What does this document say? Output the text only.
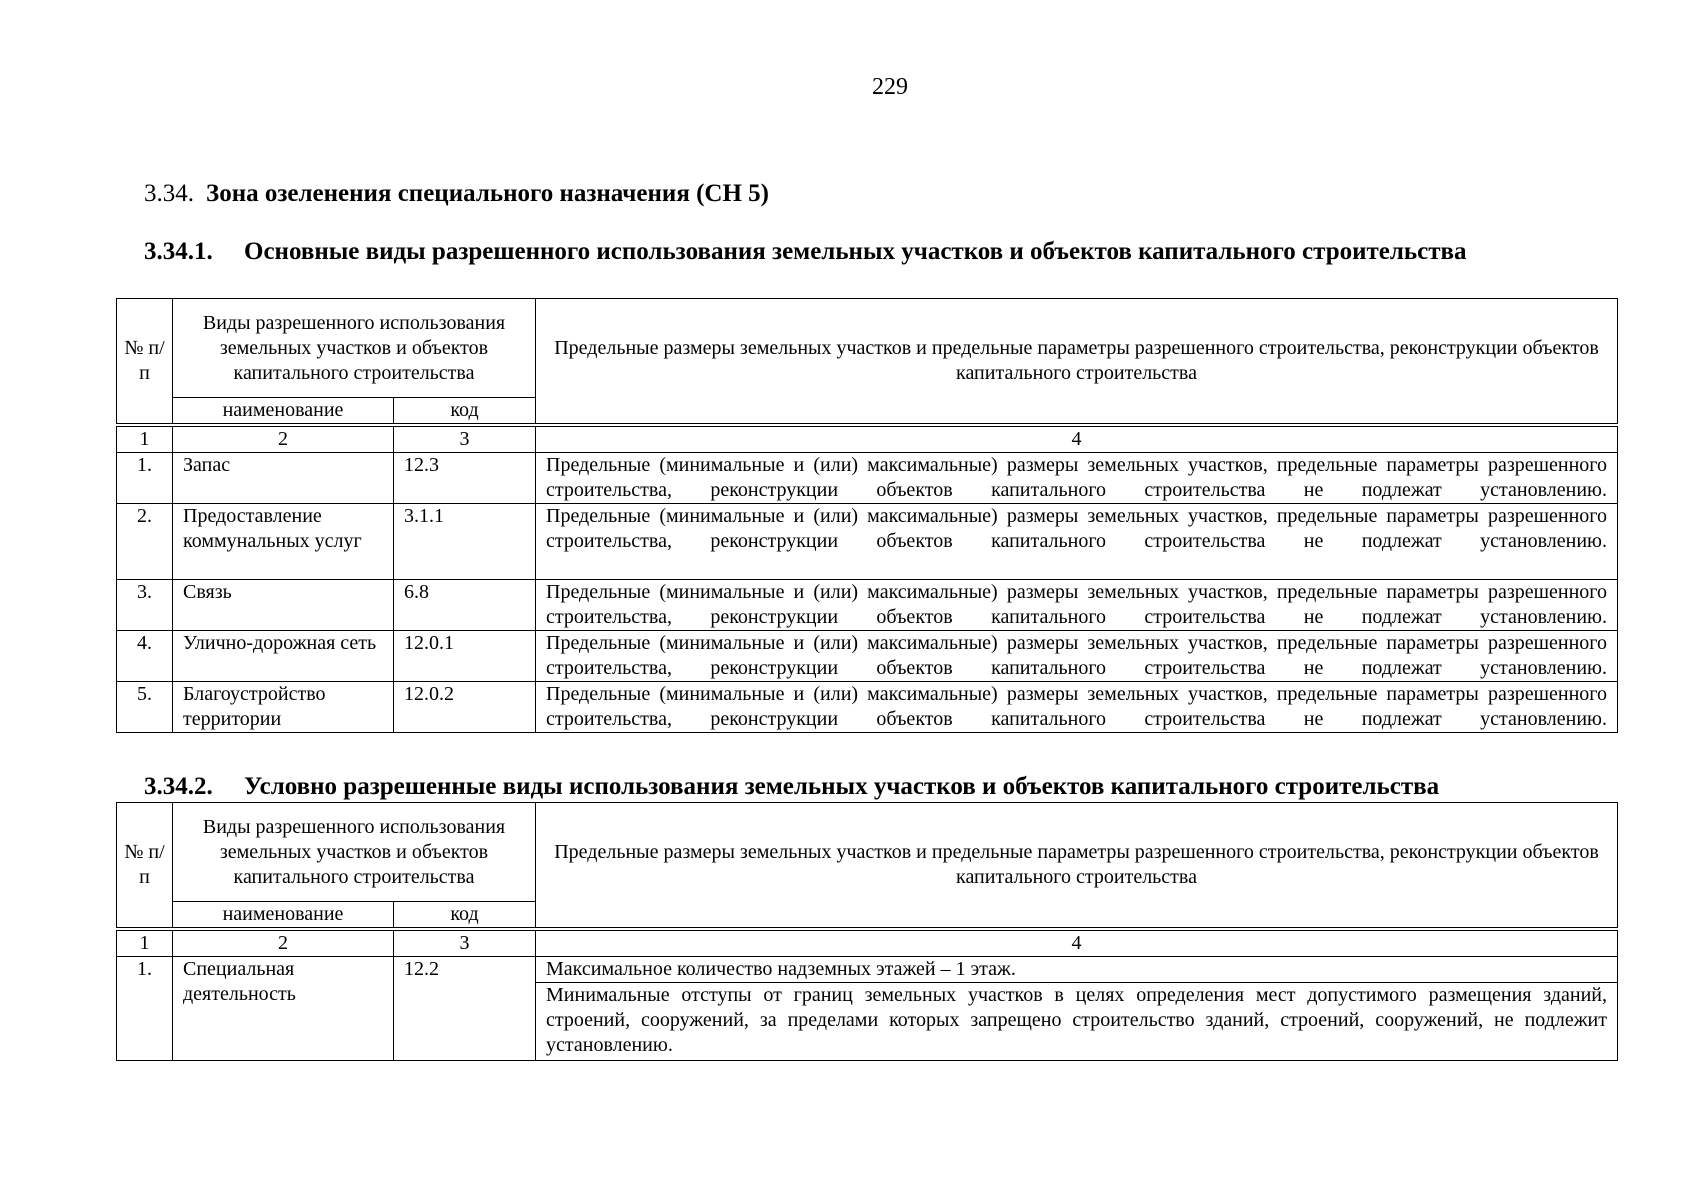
229
3.34. Зона озеленения специального назначения (СН 5)
3.34.1. Основные виды разрешенного использования земельных участков и объектов капитального строительства
№ п/п	Виды разрешенного использования земельных участков и объектов капитального строительства		Предельные размеры земельных участков и предельные параметры разрешенного строительства, реконструкции объектов капитального строительства
	наименование	код	

1	2	3	4
1.	Запас	12.3	Предельные (минимальные и (или) максимальные) размеры земельных участков, предельные параметры разрешенного строительства, реконструкции объектов капитального строительства не подлежат установлению.
2.	Предоставление коммунальных услуг	3.1.1	Предельные (минимальные и (или) максимальные) размеры земельных участков, предельные параметры разрешенного строительства, реконструкции объектов капитального строительства не подлежат установлению.
3.	Связь	6.8	Предельные (минимальные и (или) максимальные) размеры земельных участков, предельные параметры разрешенного строительства, реконструкции объектов капитального строительства не подлежат установлению.
4.	Улично-дорожная сеть	12.0.1	Предельные (минимальные и (или) максимальные) размеры земельных участков, предельные параметры разрешенного строительства, реконструкции объектов капитального строительства не подлежат установлению.
5.	Благоустройство территории	12.0.2	Предельные (минимальные и (или) максимальные) размеры земельных участков, предельные параметры разрешенного строительства, реконструкции объектов капитального строительства не подлежат установлению.
3.34.2. Условно разрешенные виды использования земельных участков и объектов капитального строительства
№ п/п	Виды разрешенного использования земельных участков и объектов капитального строительства		Предельные размеры земельных участков и предельные параметры разрешенного строительства, реконструкции объектов капитального строительства
	наименование	код	

1	2	3	4
1.	Специальная деятельность	12.2	Максимальное количество надземных этажей – 1 этаж.
			Минимальные отступы от границ земельных участков в целях определения мест допустимого размещения зданий, строений, сооружений, за пределами которых запрещено строительство зданий, строений, сооружений, не подлежит установлению.
